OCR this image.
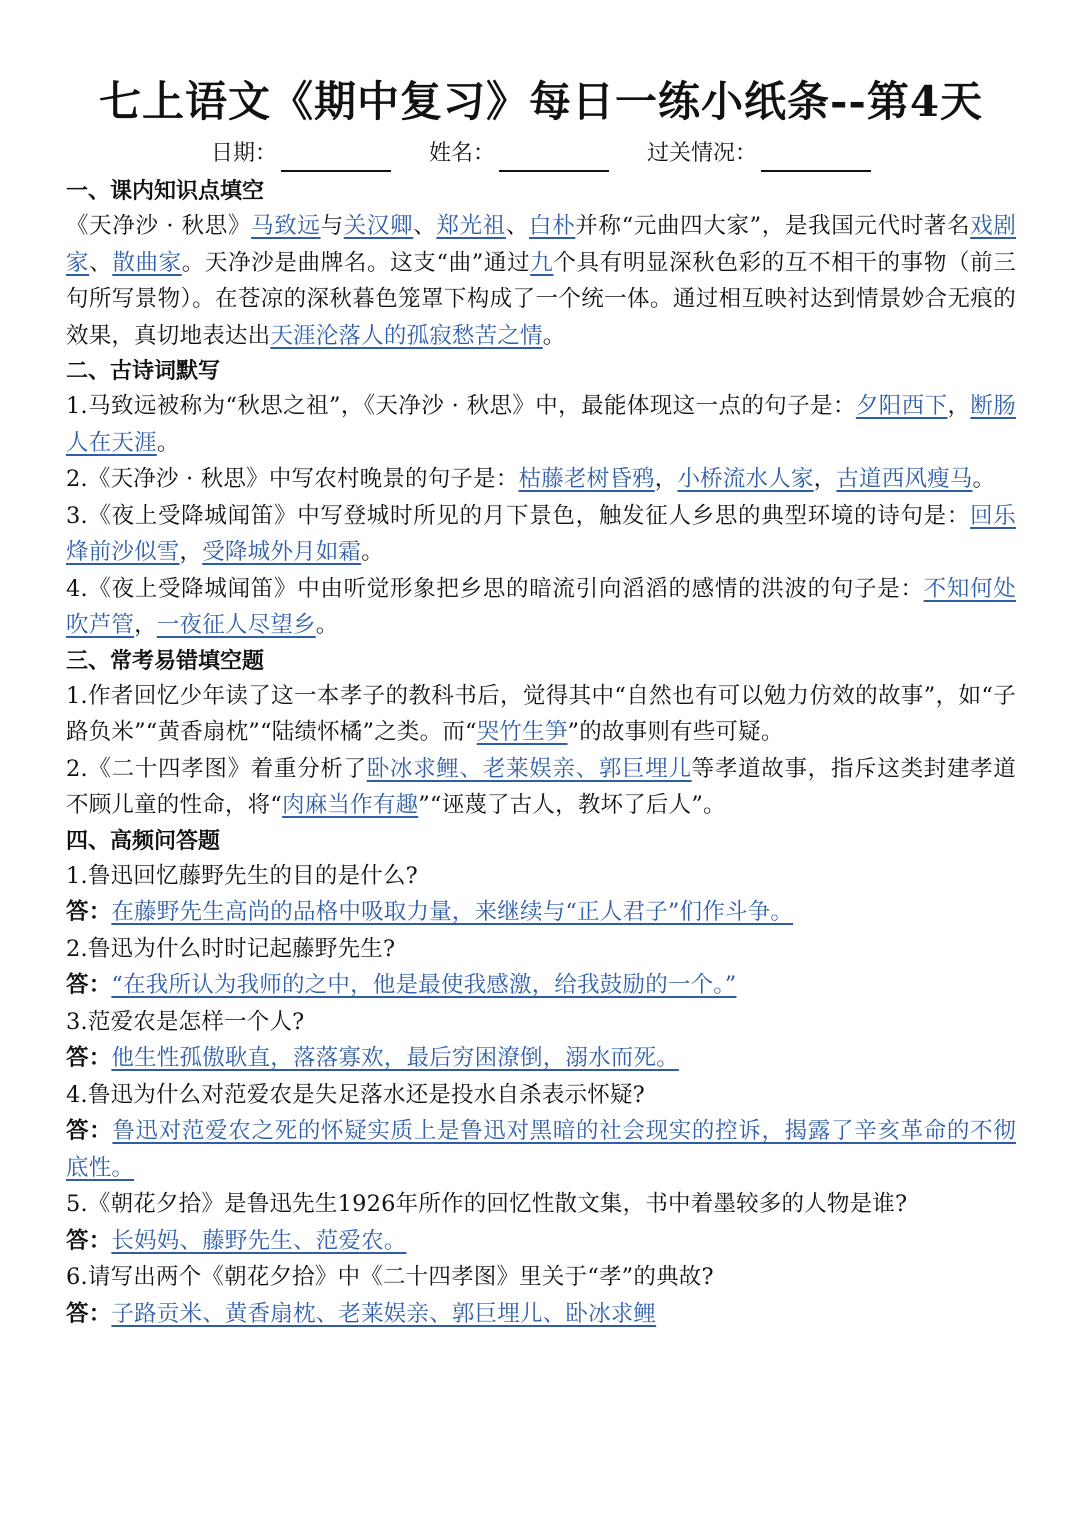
七上语文《期中复习》每日一练小纸条--第4天
日期：	姓名：	过关情况：
一、课内知识点填空
《天净沙 · 秋思》马致远与关汉卿、郑光祖、白朴并称“元曲四大家”，是我国元代时著名戏剧家、散曲家。天净沙是曲牌名。这支“曲”通过九个具有明显深秋色彩的互不相干的事物（前三句所写景物）。在苍凉的深秋暮色笼罩下构成了一个统一体。通过相互映衬达到情景妙合无痕的效果，真切地表达出天涯沦落人的孤寂愁苦之情。
二、古诗词默写
1.马致远被称为“秋思之祖”，《天净沙 · 秋思》中，最能体现这一点的句子是：夕阳西下，断肠人在天涯。
2.《天净沙 · 秋思》中写农村晚景的句子是：枯藤老树昏鸦，小桥流水人家，古道西风瘦马。
3.《夜上受降城闻笛》中写登城时所见的月下景色，触发征人乡思的典型环境的诗句是：回乐烽前沙似雪，受降城外月如霜。
4.《夜上受降城闻笛》中由听觉形象把乡思的暗流引向滔滔的感情的洪波的句子是：不知何处吹芦管，一夜征人尽望乡。
三、常考易错填空题
1.作者回忆少年读了这一本孝子的教科书后，觉得其中“自然也有可以勉力仿效的故事”，如“子路负米”“黄香扇枕”“陆绩怀橘”之类。而“哭竹生笋”的故事则有些可疑。
2.《二十四孝图》着重分析了卧冰求鲤、老莱娱亲、郭巨埋儿等孝道故事，指斥这类封建孝道不顾儿童的性命，将“肉麻当作有趣”“诬蔑了古人，教坏了后人”。
四、高频问答题
1.鲁迅回忆藤野先生的目的是什么?
答：在藤野先生高尚的品格中吸取力量，来继续与“正人君子”们作斗争。
2.鲁迅为什么时时记起藤野先生?
答：“在我所认为我师的之中，他是最使我感激，给我鼓励的一个。”
3.范爱农是怎样一个人?
答：他生性孤傲耿直，落落寡欢，最后穷困潦倒，溺水而死。
4.鲁迅为什么对范爱农是失足落水还是投水自杀表示怀疑?
答：鲁迅对范爱农之死的怀疑实质上是鲁迅对黑暗的社会现实的控诉，揭露了辛亥革命的不彻底性。
5.《朝花夕拾》是鲁迅先生1926年所作的回忆性散文集，书中着墨较多的人物是谁?
答：长妈妈、藤野先生、范爱农。
6.请写出两个《朝花夕拾》中《二十四孝图》里关于“孝”的典故?
答：子路贡米、黄香扇枕、老莱娱亲、郭巨埋儿、卧冰求鲤
